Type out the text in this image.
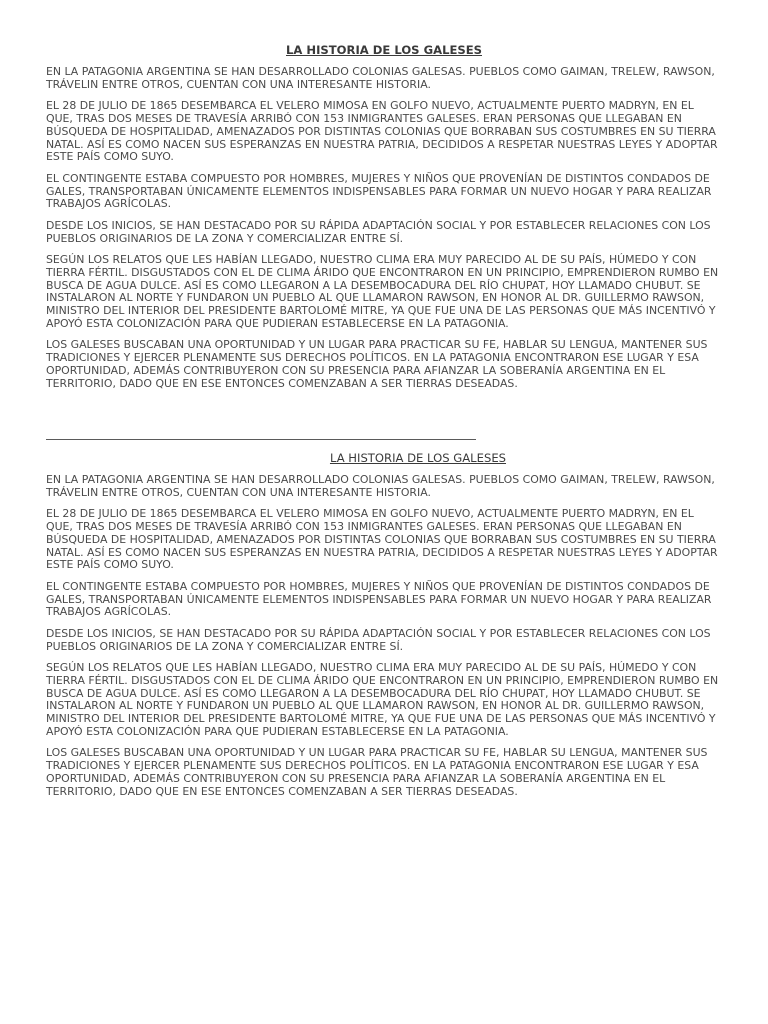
LA HISTORIA DE LOS GALESES

EN LA PATAGONIA ARGENTINA SE HAN DESARROLLADO COLONIAS GALESAS. PUEBLOS COMO GAIMAN, TRELEW, RAWSON, TRÁVELIN ENTRE OTROS, CUENTAN CON UNA INTERESANTE HISTORIA.

EL 28 DE JULIO DE 1865 DESEMBARCA EL VELERO MIMOSA EN GOLFO NUEVO, ACTUALMENTE PUERTO MADRYN, EN EL QUE, TRAS DOS MESES DE TRAVESÍA ARRIBÓ CON 153 INMIGRANTES GALESES. ERAN PERSONAS QUE LLEGABAN EN BÚSQUEDA DE HOSPITALIDAD, AMENAZADOS POR DISTINTAS COLONIAS QUE BORRABAN SUS COSTUMBRES EN SU TIERRA NATAL. ASÍ ES COMO NACEN SUS ESPERANZAS EN NUESTRA PATRIA, DECIDIDOS A RESPETAR NUESTRAS LEYES Y ADOPTAR ESTE PAÍS COMO SUYO.

EL CONTINGENTE ESTABA COMPUESTO POR HOMBRES, MUJERES Y NIÑOS QUE PROVENÍAN DE DISTINTOS CONDADOS DE GALES, TRANSPORTABAN ÚNICAMENTE ELEMENTOS INDISPENSABLES PARA FORMAR UN NUEVO HOGAR Y PARA REALIZAR TRABAJOS AGRÍCOLAS.

DESDE LOS INICIOS, SE HAN DESTACADO POR SU RÁPIDA ADAPTACIÓN SOCIAL Y POR ESTABLECER RELACIONES CON LOS PUEBLOS ORIGINARIOS DE LA ZONA Y COMERCIALIZAR ENTRE SÍ.

SEGÚN LOS RELATOS QUE LES HABÍAN LLEGADO, NUESTRO CLIMA ERA MUY PARECIDO AL DE SU PAÍS, HÚMEDO Y CON TIERRA FÉRTIL. DISGUSTADOS CON EL DE CLIMA ÁRIDO QUE ENCONTRARON EN UN PRINCIPIO, EMPRENDIERON RUMBO EN BUSCA DE AGUA DULCE. ASÍ ES COMO LLEGARON A LA DESEMBOCADURA DEL RÍO CHUPAT, HOY LLAMADO CHUBUT. SE INSTALARON AL NORTE Y FUNDARON UN PUEBLO AL QUE LLAMARON RAWSON, EN HONOR AL DR. GUILLERMO RAWSON, MINISTRO DEL INTERIOR DEL PRESIDENTE BARTOLOMÉ MITRE, YA QUE FUE UNA DE LAS PERSONAS QUE MÁS INCENTIVÓ Y APOYÓ ESTA COLONIZACIÓN PARA QUE PUDIERAN ESTABLECERSE EN LA PATAGONIA.

LOS GALESES BUSCABAN UNA OPORTUNIDAD Y UN LUGAR PARA PRACTICAR SU FE, HABLAR SU LENGUA, MANTENER SUS TRADICIONES Y EJERCER PLENAMENTE SUS DERECHOS POLÍTICOS. EN LA PATAGONIA ENCONTRARON ESE LUGAR Y ESA OPORTUNIDAD, ADEMÁS CONTRIBUYERON CON SU PRESENCIA PARA AFIANZAR LA SOBERANÍA ARGENTINA EN EL TERRITORIO, DADO QUE EN ESE ENTONCES COMENZABAN A SER TIERRAS DESEADAS.

LA HISTORIA DE LOS GALESES

EN LA PATAGONIA ARGENTINA SE HAN DESARROLLADO COLONIAS GALESAS. PUEBLOS COMO GAIMAN, TRELEW, RAWSON, TRÁVELIN ENTRE OTROS, CUENTAN CON UNA INTERESANTE HISTORIA.

EL 28 DE JULIO DE 1865 DESEMBARCA EL VELERO MIMOSA EN GOLFO NUEVO, ACTUALMENTE PUERTO MADRYN, EN EL QUE, TRAS DOS MESES DE TRAVESÍA ARRIBÓ CON 153 INMIGRANTES GALESES. ERAN PERSONAS QUE LLEGABAN EN BÚSQUEDA DE HOSPITALIDAD, AMENAZADOS POR DISTINTAS COLONIAS QUE BORRABAN SUS COSTUMBRES EN SU TIERRA NATAL. ASÍ ES COMO NACEN SUS ESPERANZAS EN NUESTRA PATRIA, DECIDIDOS A RESPETAR NUESTRAS LEYES Y ADOPTAR ESTE PAÍS COMO SUYO.

EL CONTINGENTE ESTABA COMPUESTO POR HOMBRES, MUJERES Y NIÑOS QUE PROVENÍAN DE DISTINTOS CONDADOS DE GALES, TRANSPORTABAN ÚNICAMENTE ELEMENTOS INDISPENSABLES PARA FORMAR UN NUEVO HOGAR Y PARA REALIZAR TRABAJOS AGRÍCOLAS.

DESDE LOS INICIOS, SE HAN DESTACADO POR SU RÁPIDA ADAPTACIÓN SOCIAL Y POR ESTABLECER RELACIONES CON LOS PUEBLOS ORIGINARIOS DE LA ZONA Y COMERCIALIZAR ENTRE SÍ.

SEGÚN LOS RELATOS QUE LES HABÍAN LLEGADO, NUESTRO CLIMA ERA MUY PARECIDO AL DE SU PAÍS, HÚMEDO Y CON TIERRA FÉRTIL. DISGUSTADOS CON EL DE CLIMA ÁRIDO QUE ENCONTRARON EN UN PRINCIPIO, EMPRENDIERON RUMBO EN BUSCA DE AGUA DULCE. ASÍ ES COMO LLEGARON A LA DESEMBOCADURA DEL RÍO CHUPAT, HOY LLAMADO CHUBUT. SE INSTALARON AL NORTE Y FUNDARON UN PUEBLO AL QUE LLAMARON RAWSON, EN HONOR AL DR. GUILLERMO RAWSON, MINISTRO DEL INTERIOR DEL PRESIDENTE BARTOLOMÉ MITRE, YA QUE FUE UNA DE LAS PERSONAS QUE MÁS INCENTIVÓ Y APOYÓ ESTA COLONIZACIÓN PARA QUE PUDIERAN ESTABLECERSE EN LA PATAGONIA.

LOS GALESES BUSCABAN UNA OPORTUNIDAD Y UN LUGAR PARA PRACTICAR SU FE, HABLAR SU LENGUA, MANTENER SUS TRADICIONES Y EJERCER PLENAMENTE SUS DERECHOS POLÍTICOS. EN LA PATAGONIA ENCONTRARON ESE LUGAR Y ESA OPORTUNIDAD, ADEMÁS CONTRIBUYERON CON SU PRESENCIA PARA AFIANZAR LA SOBERANÍA ARGENTINA EN EL TERRITORIO, DADO QUE EN ESE ENTONCES COMENZABAN A SER TIERRAS DESEADAS.
